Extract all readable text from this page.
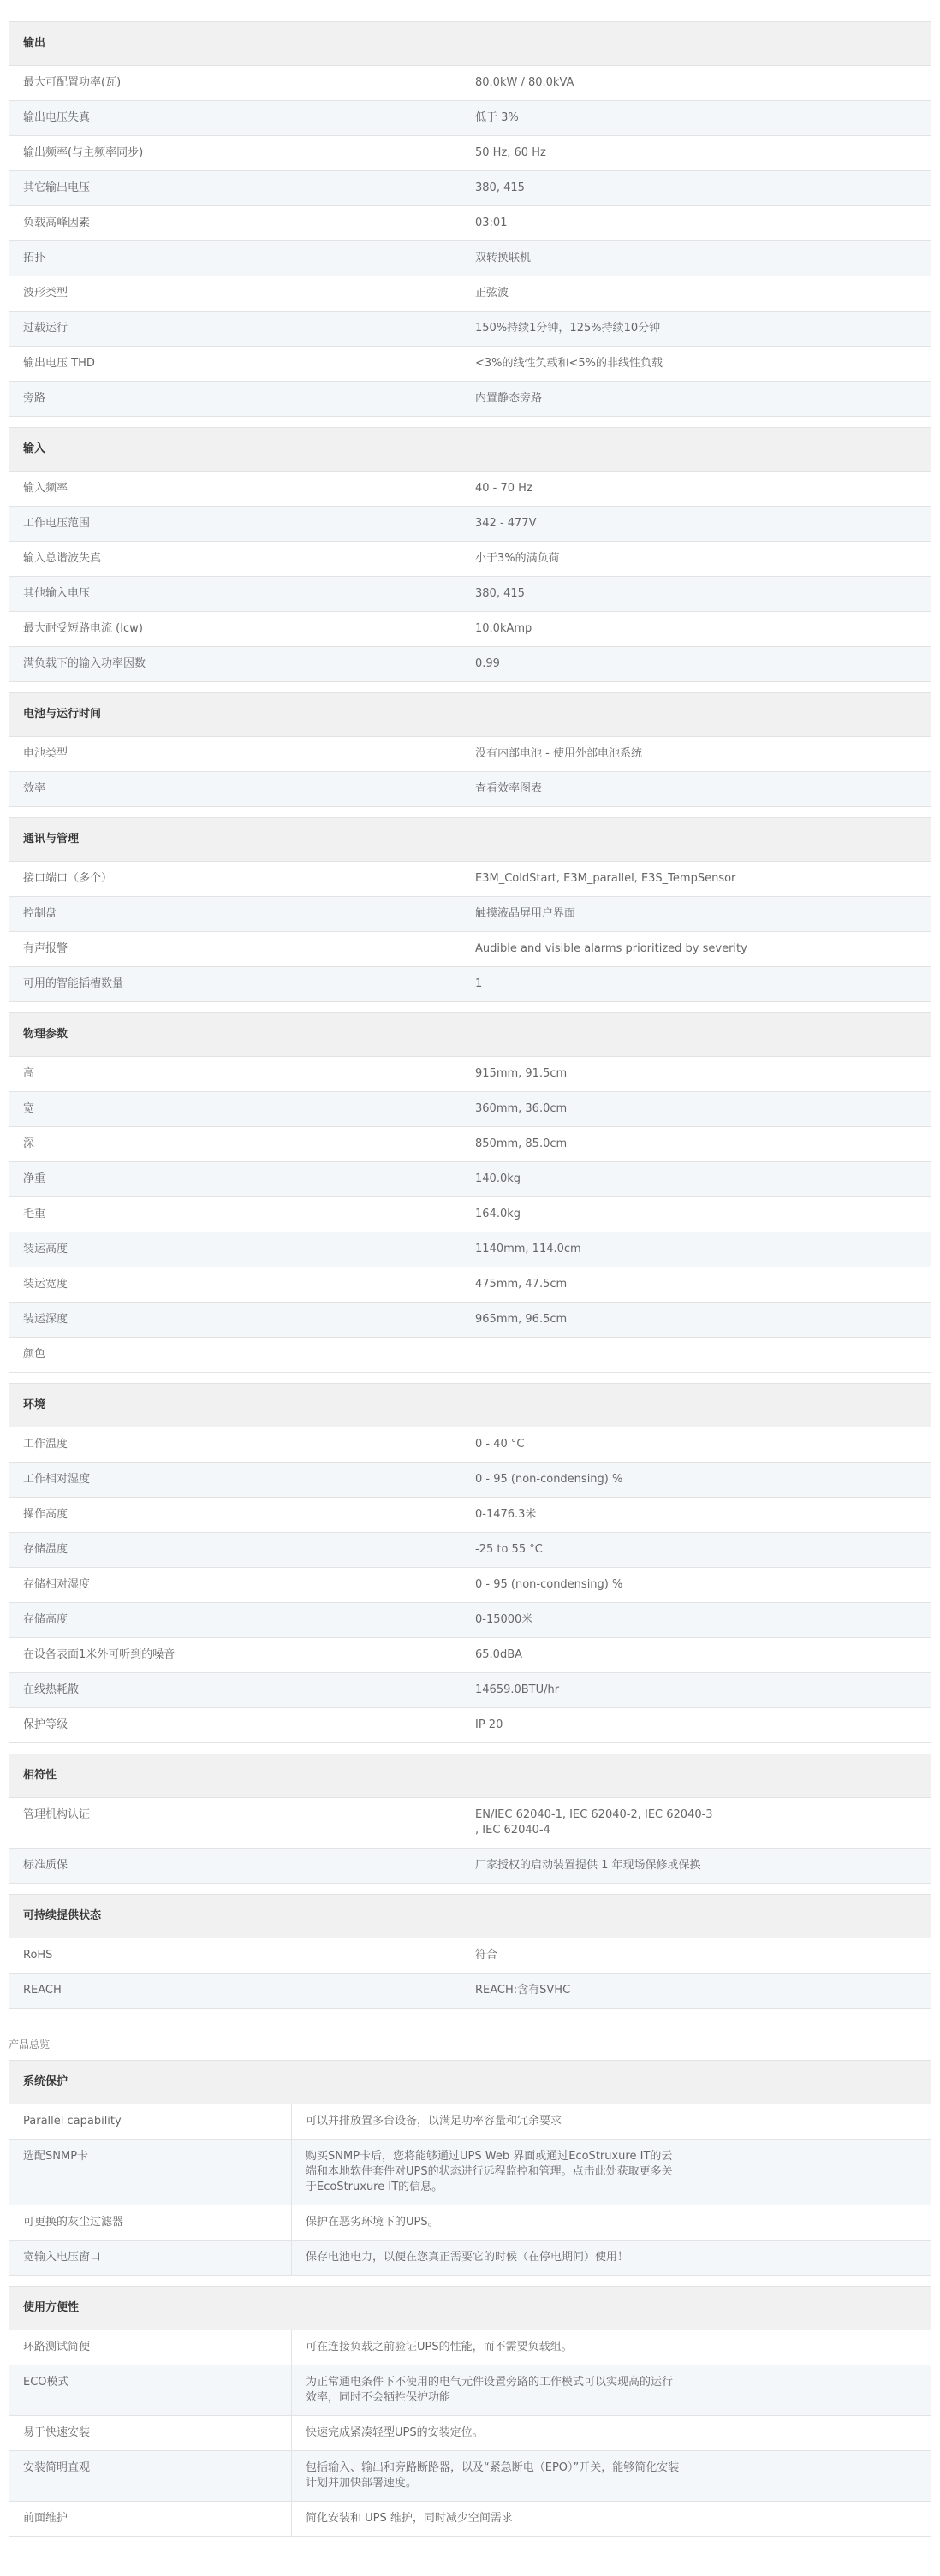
输出
最大可配置功率(瓦)	80.0kW / 80.0kVA
输出电压失真	低于 3%
输出频率(与主频率同步)	50 Hz, 60 Hz
其它输出电压	380, 415
负载高峰因素	03:01
拓扑	双转换联机
波形类型	正弦波
过载运行	150%持续1分钟，125%持续10分钟
输出电压 THD	<3%的线性负载和<5%的非线性负载
旁路	内置静态旁路
输入
输入频率	40 - 70 Hz
工作电压范围	342 - 477V
输入总谐波失真	小于3%的满负荷
其他输入电压	380, 415
最大耐受短路电流 (Icw)	10.0kAmp
满负载下的输入功率因数	0.99
电池与运行时间
电池类型	没有内部电池 - 使用外部电池系统
效率	查看效率图表
通讯与管理
接口端口（多个）	E3M_ColdStart, E3M_parallel, E3S_TempSensor
控制盘	触摸液晶屏用户界面
有声报警	Audible and visible alarms prioritized by severity
可用的智能插槽数量	1
物理参数
高	915mm, 91.5cm
宽	360mm, 36.0cm
深	850mm, 85.0cm
净重	140.0kg
毛重	164.0kg
装运高度	1140mm, 114.0cm
装运宽度	475mm, 47.5cm
装运深度	965mm, 96.5cm
颜色
环境
工作温度	0 - 40 °C
工作相对湿度	0 - 95 (non-condensing) %
操作高度	0-1476.3米
存储温度	-25 to 55 °C
存储相对湿度	0 - 95 (non-condensing) %
存储高度	0-15000米
在设备表面1米外可听到的噪音	65.0dBA
在线热耗散	14659.0BTU/hr
保护等级	IP 20
相符性
管理机构认证	EN/IEC 62040-1, IEC 62040-2, IEC 62040-3
, IEC 62040-4
标准质保	厂家授权的启动装置提供 1 年现场保修或保换
可持续提供状态
RoHS	符合
REACH	REACH:含有SVHC
产品总览
系统保护
Parallel capability	可以并排放置多台设备，以满足功率容量和冗余要求
选配SNMP卡	购买SNMP卡后，您将能够通过UPS Web 界面或通过EcoStruxure IT的云端和本地软件套件对UPS的状态进行远程监控和管理。点击此处获取更多关于EcoStruxure IT的信息。
可更换的灰尘过滤器	保护在恶劣环境下的UPS。
宽输入电压窗口	保存电池电力，以便在您真正需要它的时候（在停电期间）使用！
使用方便性
环路测试简便	可在连接负载之前验证UPS的性能，而不需要负载组。
ECO模式	为正常通电条件下不使用的电气元件设置旁路的工作模式可以实现高的运行效率，同时不会牺牲保护功能
易于快速安装	快速完成紧凑轻型UPS的安装定位。
安装简明直观	包括输入、输出和旁路断路器，以及“紧急断电（EPO）”开关，能够简化安装计划并加快部署速度。
前面维护	简化安装和 UPS 维护，同时减少空间需求
